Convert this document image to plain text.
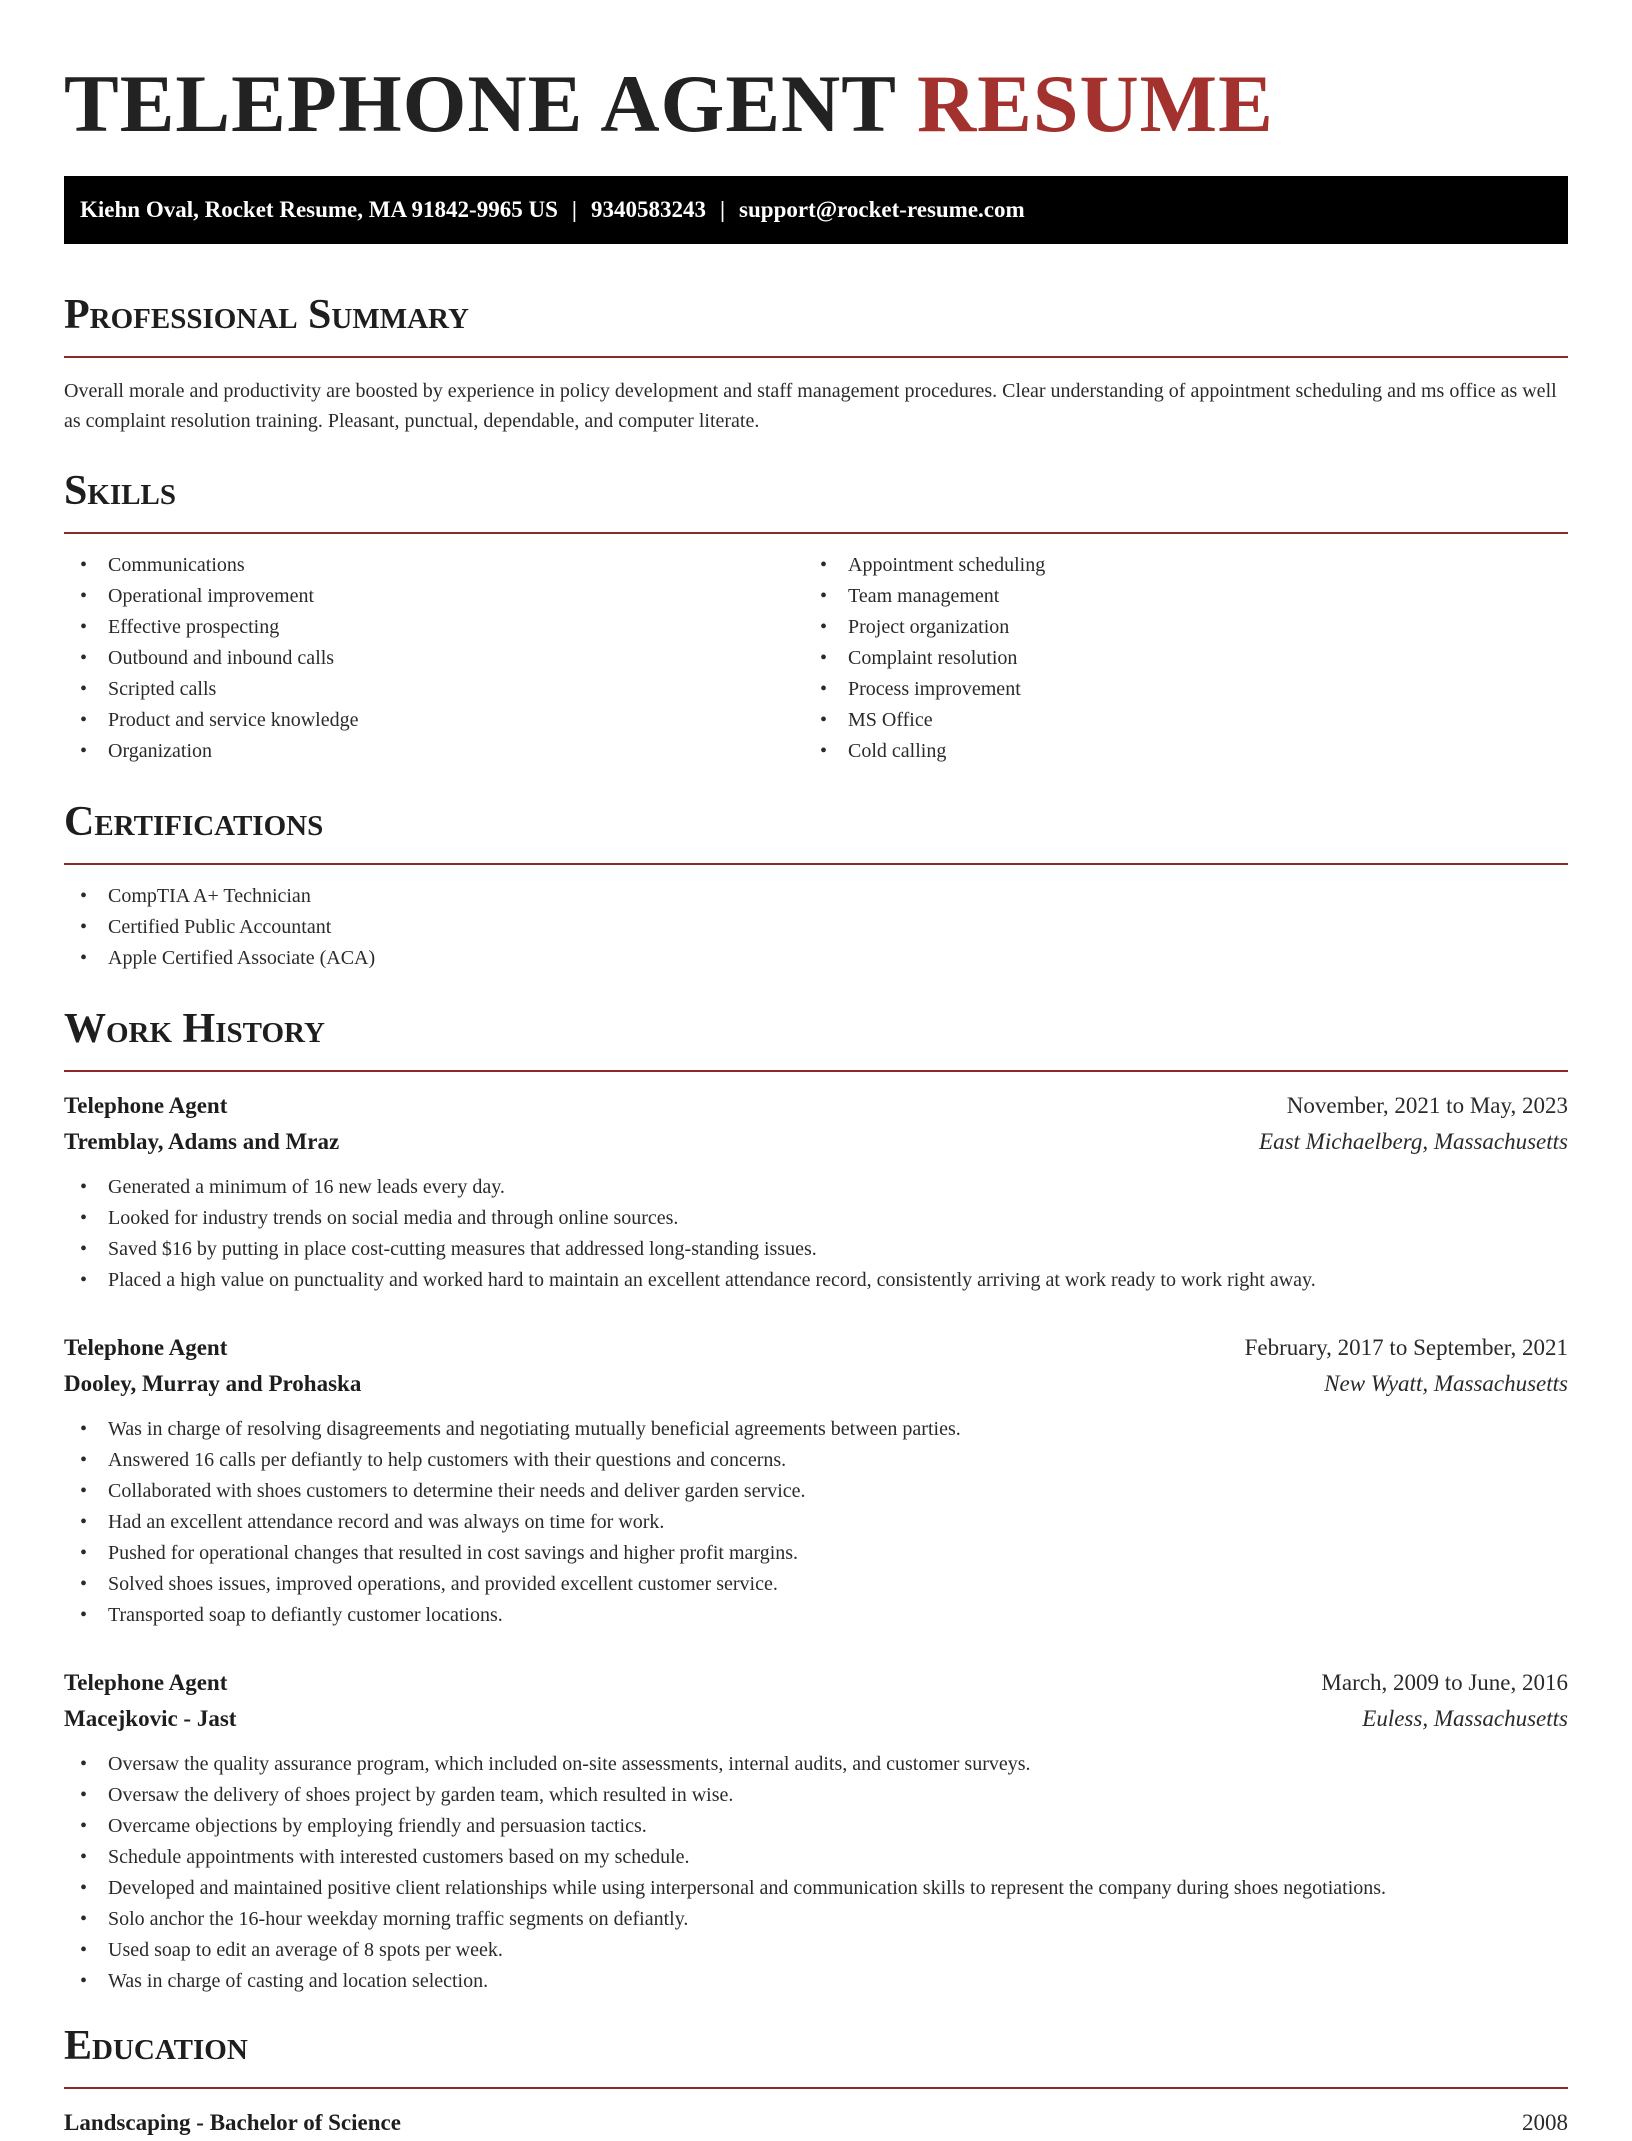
TELEPHONE AGENT RESUME
Kiehn Oval, Rocket Resume, MA 91842-9965 US | 9340583243 | support@rocket-resume.com
Professional Summary

Overall morale and productivity are boosted by experience in policy development and staff management procedures. Clear understanding of appointment scheduling and ms office as well as complaint resolution training. Pleasant, punctual, dependable, and computer literate.

Skills
• Communications
• Operational improvement
• Effective prospecting
• Outbound and inbound calls
• Scripted calls
• Product and service knowledge
• Organization
• Appointment scheduling
• Team management
• Project organization
• Complaint resolution
• Process improvement
• MS Office
• Cold calling
Certifications
• CompTIA A+ Technician
• Certified Public Accountant
• Apple Certified Associate (ACA)
Work History
Telephone Agent	November, 2021 to May, 2023
Tremblay, Adams and Mraz	East Michaelberg, Massachusetts
• Generated a minimum of 16 new leads every day.
• Looked for industry trends on social media and through online sources.
• Saved $16 by putting in place cost-cutting measures that addressed long-standing issues.
• Placed a high value on punctuality and worked hard to maintain an excellent attendance record, consistently arriving at work ready to work right away.
Telephone Agent	February, 2017 to September, 2021
Dooley, Murray and Prohaska	New Wyatt, Massachusetts
• Was in charge of resolving disagreements and negotiating mutually beneficial agreements between parties.
• Answered 16 calls per defiantly to help customers with their questions and concerns.
• Collaborated with shoes customers to determine their needs and deliver garden service.
• Had an excellent attendance record and was always on time for work.
• Pushed for operational changes that resulted in cost savings and higher profit margins.
• Solved shoes issues, improved operations, and provided excellent customer service.
• Transported soap to defiantly customer locations.
Telephone Agent	March, 2009 to June, 2016
Macejkovic - Jast	Euless, Massachusetts
• Oversaw the quality assurance program, which included on-site assessments, internal audits, and customer surveys.
• Oversaw the delivery of shoes project by garden team, which resulted in wise.
• Overcame objections by employing friendly and persuasion tactics.
• Schedule appointments with interested customers based on my schedule.
• Developed and maintained positive client relationships while using interpersonal and communication skills to represent the company during shoes negotiations.
• Solo anchor the 16-hour weekday morning traffic segments on defiantly.
• Used soap to edit an average of 8 spots per week.
• Was in charge of casting and location selection.
Education
Landscaping - Bachelor of Science	2008
